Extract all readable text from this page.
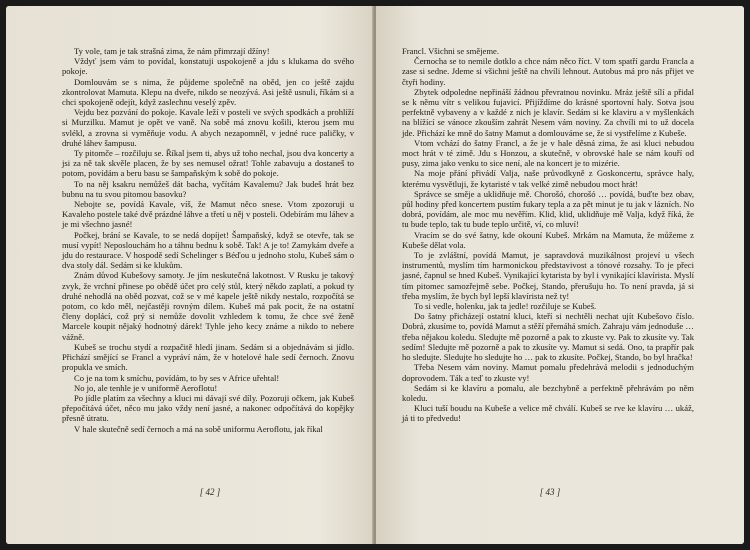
Ty vole, tam je tak strašná zima, že nám přimrzají džíny!

Vždyť jsem vám to povídal, konstatuji uspokojeně a jdu s klukama do svého pokoje.

Domlouvám se s nima, že půjdeme společně na oběd, jen co ještě zajdu zkontrolovat Mamuta. Klepu na dveře, nikdo se neozývá. Asi ještě usnuli, říkám si a chci spokojeně odejít, když zaslechnu veselý zpěv.

Vejdu bez pozvání do pokoje. Kavale leží v posteli ve svých spodkách a prohlíží si Murzilku. Mamut je opět ve vaně. Na sobě má znovu košili, kterou jsem mu svlékl, a zrovna si vyměňuje vodu. A abych nezapomněl, v jedné ruce paličky, v druhé láhev šampusu.

Ty pitomče – rozčiluju se. Říkal jsem ti, abys už toho nechal, jsou dva koncerty a jsi za ně tak skvěle placen, že by ses nemusel ožrat! Tohle zabavuju a dostaneš to potom, povídám a beru basu se šampaňským k sobě do pokoje.

To na něj ksakru nemůžeš dát bacha, vyčítám Kavalemu? Jak budeš hrát bez bubnu na tu svou pitomou basovku?

Nebojte se, povídá Kavale, víš, že Mamut něco snese. Vtom zpozoruji u Kavaleho postele také dvě prázdné láhve a třetí u něj v posteli. Odebírám mu láhev a je mi všechno jasné!

Počkej, brání se Kavale, to se nedá dopíjet! Šampaňský, když se otevře, tak se musí vypít! Neposlouchám ho a táhnu bednu k sobě. Tak! A je to! Zamykám dveře a jdu do restaurace. V hospodě sedí Schelinger s Béďou u jednoho stolu, Kubeš sám o dva stoly dál. Sedám si ke klukům.

Znám důvod Kubešovy samoty. Je jím neskutečná lakotnost. V Rusku je takový zvyk, že vrchní přinese po obědě účet pro celý stůl, který někdo zaplatí, a pokud ty druhé nehodlá na oběd pozvat, což se v mé kapele ještě nikdy nestalo, rozpočítá se potom, co kdo měl, nejčastěji rovným dílem. Kubeš má pak pocit, že na ostatní členy doplácí, což prý si nemůže dovolit vzhledem k tomu, že chce své ženě Marcele koupit nějaký hodnotný dárek! Tyhle jeho kecy známe a nikdo to nebere vážně.

Kubeš se trochu stydí a rozpačitě hledí jinam. Sedám si a objednávám si jídlo. Přichází smějící se Francl a vypráví nám, že v hotelové hale sedí černoch. Znovu propukla ve smích.

Co je na tom k smíchu, povídám, to by ses v Africe uřehtal!

No jo, ale tenhle je v uniformě Aeroflotu!

Po jídle platím za všechny a kluci mi dávají své díly. Pozoruji očkem, jak Kubeš přepočítává účet, něco mu jako vždy není jasné, a nakonec odpočítává do kopějky přesně útratu.

V hale skutečně sedí černoch a má na sobě uniformu Aeroflotu, jak říkal

[ 42 ]

Francl. Všichni se smějeme.

Černocha se to nemile dotklo a chce nám něco říct. V tom spatří gardu Francla a zase si sedne. Jdeme si všichni ještě na chvíli lehnout. Autobus má pro nás přijet ve čtyři hodiny.

Zbytek odpoledne nepřináší žádnou převratnou novinku. Mráz ještě sílí a přidal se k němu vítr s velikou fujavicí. Přijíždíme do krásné sportovní haly. Sotva jsou perfektně vybaveny a v každé z nich je klavír. Sedám si ke klaviru a v myšlenkách na blížící se vánoce zkouším zahrát Nesem vám noviny. Za chvíli mi to už docela jde. Přichází ke mně do šatny Mamut a domlouváme se, že si vystřelíme z Kubeše.

Vtom vchází do šatny Francl, a že je v hale děsná zima, že asi kluci nebudou moct hrát v té zimě. Jdu s Honzou, a skutečně, v obrovské hale se nám kouří od pusy, zima jako venku to sice není, ale na koncert je to mizérie.

Na moje přání přivádí Valja, naše průvodkyně z Goskoncertu, správce haly, kterému vysvětluji, že kytaristé v tak velké zimě nebudou moct hrát!

Správce se směje a uklidňuje mě. Chorošó, chorošó … povídá, buďte bez obav, půl hodiny před koncertem pustím fukary tepla a za pět minut je tu jak v lázních. No dobrá, povídám, ale moc mu nevěřím. Klid, klid, uklidňuje mě Valja, když říká, že tu bude teplo, tak tu bude teplo určitě, ví, co mluví!

Vracím se do své šatny, kde okouní Kubeš. Mrkám na Mamuta, že můžeme z Kubeše dělat vola.

To je zvláštní, povídá Mamut, je sapravdová muzikálnost projeví u všech instrumentů, myslím tím harmonickou představivost a tónové rozsahy. To je přeci jasné, čapnul se hned Kubeš. Vynikající kytarista by byl i vynikající klavírista. Myslí tím pitomec samozřejmě sebe. Počkej, Stando, přerušuju ho. To není pravda, já si třeba myslím, že bych byl lepší klavírista než ty!

To si vedle, holenku, jak ta jedle! rozčiluje se Kubeš.

Do šatny přicházejí ostatní kluci, kteří si nechtěli nechat ujít Kubešovo číslo. Dobrá, zkusíme to, povídá Mamut a stěží přemáhá smích. Zahraju vám jednoduše … třeba nějakou koledu. Sledujte mě pozorně a pak to zkuste vy. Pak to zkusíte vy. Tak sedím! Sledujte mě pozorně a pak to zkusíte vy. Mamut si sedá. Ono, ta prapřír pak ho sledujte. Sledujte ho sledujte ho … pak to zkusíte. Počkej, Stando, bo byl hračka!

Třeba Nesem vám noviny. Mamut pomalu předehrává melodii s jednoduchým doprovodem. Ták a teď to zkuste vy!

Sedám si ke klavíru a pomalu, ale bezchybně a perfektně přehrávám po něm koledu.

Kluci tuší boudu na Kubeše a velice mě chválí. Kubeš se rve ke klavíru … ukáž, já ti to předvedu!

[ 43 ]
